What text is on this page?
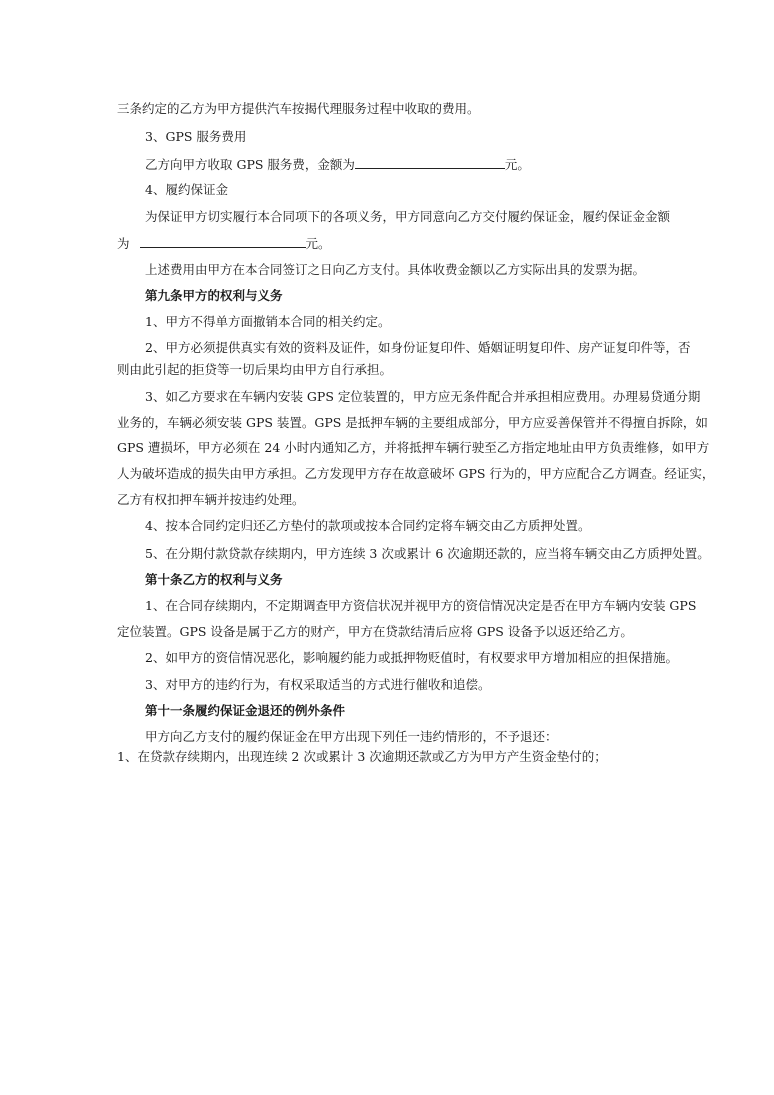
三条约定的乙方为甲方提供汽车按揭代理服务过程中收取的费用。
3、GPS 服务费用
乙方向甲方收取 GPS 服务费，金额为	元。
4、履约保证金
为保证甲方切实履行本合同项下的各项义务，甲方同意向乙方交付履约保证金，履约保证金金额
为	元。
上述费用由甲方在本合同签订之日向乙方支付。具体收费金额以乙方实际出具的发票为据。
第九条甲方的权利与义务
1、甲方不得单方面撤销本合同的相关约定。
2、甲方必须提供真实有效的资料及证件，如身份证复印件、婚姻证明复印件、房产证复印件等，否
则由此引起的拒贷等一切后果均由甲方自行承担。
3、如乙方要求在车辆内安装 GPS 定位装置的，甲方应无条件配合并承担相应费用。办理易贷通分期
业务的，车辆必须安装 GPS 装置。GPS 是抵押车辆的主要组成部分，甲方应妥善保管并不得擅自拆除，如
GPS 遭损坏，甲方必须在 24 小时内通知乙方，并将抵押车辆行驶至乙方指定地址由甲方负责维修，如甲方
人为破坏造成的损失由甲方承担。乙方发现甲方存在故意破坏 GPS 行为的，甲方应配合乙方调查。经证实，
乙方有权扣押车辆并按违约处理。
4、按本合同约定归还乙方垫付的款项或按本合同约定将车辆交由乙方质押处置。
5、在分期付款贷款存续期内，甲方连续 3 次或累计 6 次逾期还款的，应当将车辆交由乙方质押处置。
第十条乙方的权利与义务
1、在合同存续期内，不定期调查甲方资信状况并视甲方的资信情况决定是否在甲方车辆内安装 GPS
定位装置。GPS 设备是属于乙方的财产，甲方在贷款结清后应将 GPS 设备予以返还给乙方。
2、如甲方的资信情况恶化，影响履约能力或抵押物贬值时，有权要求甲方增加相应的担保措施。
3、对甲方的违约行为，有权采取适当的方式进行催收和追偿。
第十一条履约保证金退还的例外条件
甲方向乙方支付的履约保证金在甲方出现下列任一违约情形的，不予退还：
1、在贷款存续期内，出现连续 2 次或累计 3 次逾期还款或乙方为甲方产生资金垫付的；
